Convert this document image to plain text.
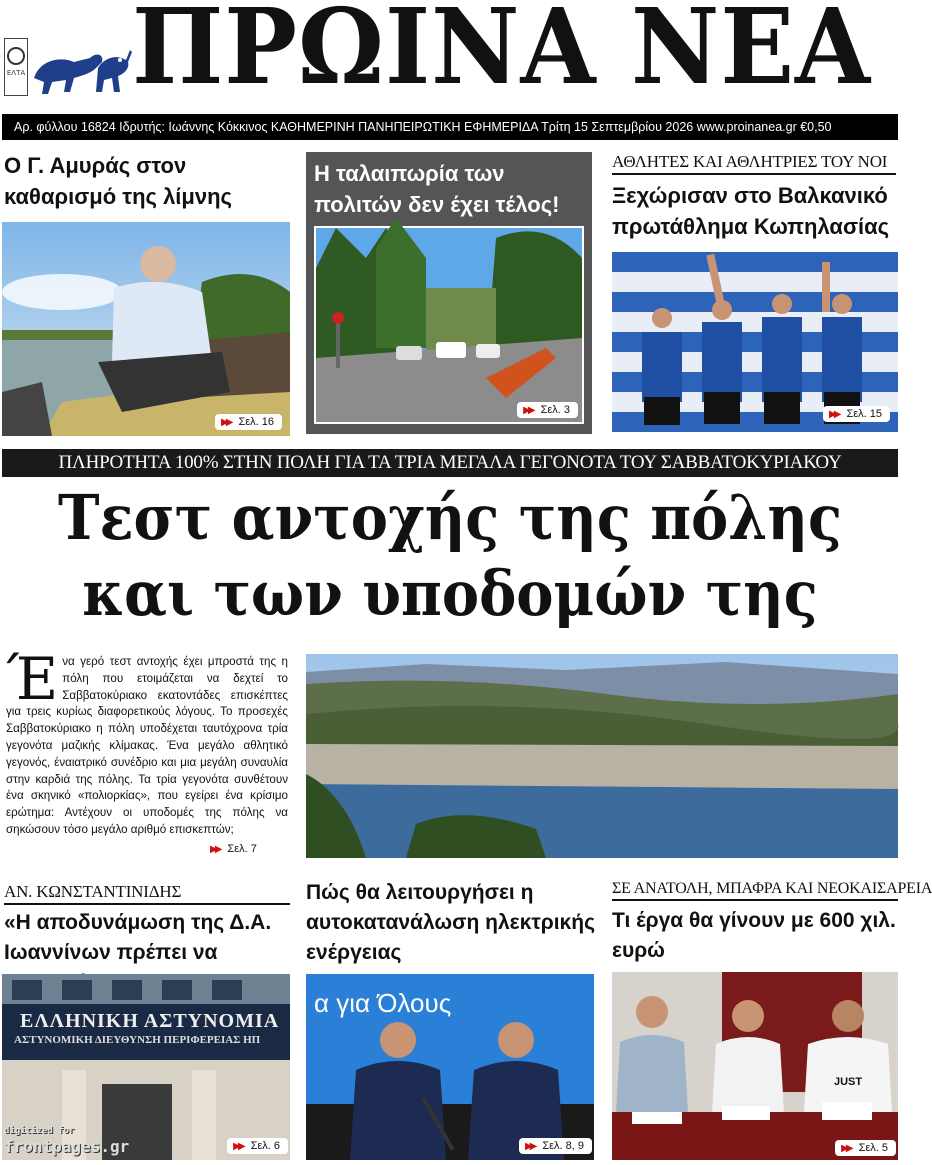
ΕΛΤΑ ΠΡΩΙΝΑ ΝΕΑ
Αρ. φύλλου 16824 Ιδρυτής: Ιωάννης Κόκκινος ΚΑΘΗΜΕΡΙΝΗ ΠΑΝΗΠΕΙΡΩΤΙΚΗ ΕΦΗΜΕΡΙΔΑ Τρίτη 15 Σεπτεμβρίου 2026 www.proinanea.gr €0,50
Ο Γ. Αμυράς στον καθαρισμό της λίμνης
▶▶ Σελ. 16
Η ταλαιπωρία των πολιτών δεν έχει τέλος!
▶▶ Σελ. 3
ΑΘΛΗΤΕΣ ΚΑΙ ΑΘΛΗΤΡΙΕΣ ΤΟΥ ΝΟΙ
Ξεχώρισαν στο Βαλκανικό πρωτάθλημα Κωπηλασίας
▶▶ Σελ. 15
ΠΛΗΡΟΤΗΤΑ 100% ΣΤΗΝ ΠΟΛΗ ΓΙΑ ΤΑ ΤΡΙΑ ΜΕΓΑΛΑ ΓΕΓΟΝΟΤΑ ΤΟΥ ΣΑΒΒΑΤΟΚΥΡΙΑΚΟΥ
Τεστ αντοχής της πόλης
και των υποδομών της
Ένα γερό τεστ αντοχής έχει μπροστά της η πόλη που ετοιμάζεται να δεχτεί το Σαββατοκύριακο εκατοντάδες επισκέπτες για τρεις κυρίως διαφορετικούς λόγους. Το προσεχές Σαββατοκύριακο η πόλη υποδέχεται ταυτόχρονα τρία γεγονότα μαζικής κλίμακας. Ένα μεγάλο αθλητικό γεγονός, έναιατρικό συνέδριο και μια μεγάλη συναυλία στην καρδιά της πόλης. Τα τρία γεγονότα συνθέτουν ένα σκηνικό «πολιορκίας», που εγείρει ένα κρίσιμο ερώτημα: Αντέχουν οι υποδομές της πόλης να σηκώσουν τόσο μεγάλο αριθμό επισκεπτών;
▶▶ Σελ. 7
ΑΝ. ΚΩΝΣΤΑΝΤΙΝΙΔΗΣ
«Η αποδυνάμωση της Δ.Α. Ιωαννίνων πρέπει να
ΕΛΛΗΝΙΚΗ ΑΣΤΥΝΟΜΙΑ
ΑΣΤΥΝΟΜΙΚΗ ΔΙΕΥΘΥΝΣΗ ΠΕΡΙΦΕΡΕΙΑΣ ΗΠ
▶▶ Σελ. 6
Πώς θα λειτουργήσει η αυτοκατανάλωση ηλεκτρικής ενέργειας
α για Όλους
▶▶ Σελ. 8, 9
ΣΕ ΑΝΑΤΟΛΗ, ΜΠΑΦΡΑ ΚΑΙ ΝΕΟΚΑΙΣΑΡΕΙΑ
Τι έργα θα γίνουν με 600 χιλ. ευρώ
JUST
▶▶ Σελ. 5
digitized for
frontpages.gr
